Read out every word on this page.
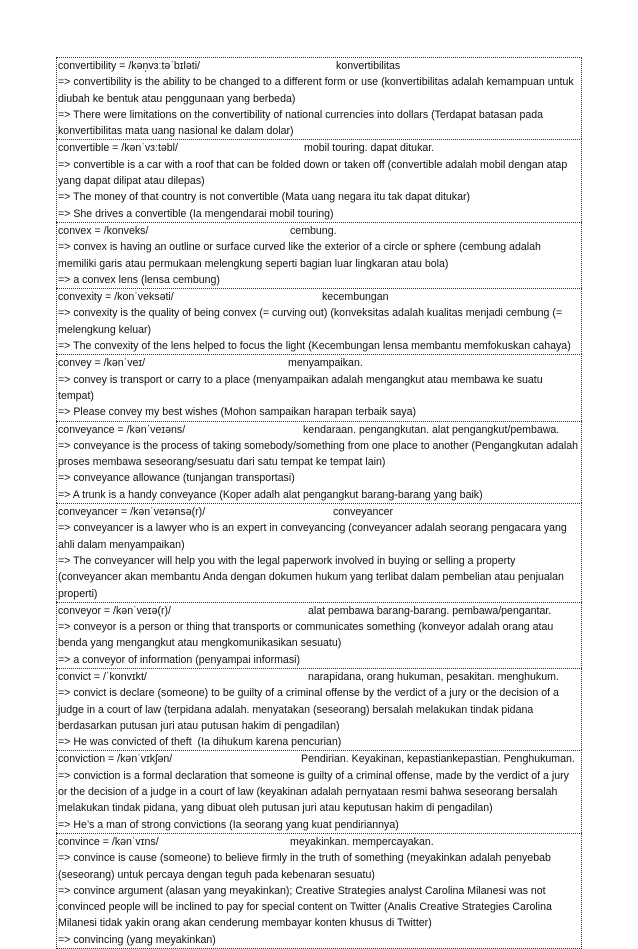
convertibility = /kən̩vɜːtəˈbɪləti/	konvertibilitas
=> convertibility is the ability to be changed to a different form or use (konvertibilitas adalah kemampuan untuk diubah ke bentuk atau penggunaan yang berbeda)
=> There were limitations on the convertibility of national currencies into dollars (Terdapat batasan pada konvertibilitas mata uang nasional ke dalam dolar)
convertible = /kənˈvɜːtəbl/	mobil touring. dapat ditukar.
=> convertible is a car with a roof that can be folded down or taken off (convertible adalah mobil dengan atap yang dapat dilipat atau dilepas)
=> The money of that country is not convertible (Mata uang negara itu tak dapat ditukar)
=> She drives a convertible (Ia mengendarai mobil touring)
convex = /konveks/	cembung.
=> convex is having an outline or surface curved like the exterior of a circle or sphere (cembung adalah memiliki garis atau permukaan melengkung seperti bagian luar lingkaran atau bola)
=> a convex lens (lensa cembung)
convexity = /konˈveksəti/	kecembungan
=> convexity is the quality of being convex (= curving out) (konveksitas adalah kualitas menjadi cembung (= melengkung keluar)
=> The convexity of the lens helped to focus the light (Kecembungan lensa membantu memfokuskan cahaya)
convey = /kənˈveɪ/	menyampaikan.
=> convey is transport or carry to a place (menyampaikan adalah mengangkut atau membawa ke suatu tempat)
=> Please convey my best wishes (Mohon sampaikan harapan terbaik saya)
conveyance = /kənˈveɪəns/	kendaraan. pengangkutan. alat pengangkut/pembawa.
=> conveyance is the process of taking somebody/something from one place to another (Pengangkutan adalah proses membawa seseorang/sesuatu dari satu tempat ke tempat lain)
=> conveyance allowance (tunjangan transportasi)
=> A trunk is a handy conveyance (Koper adalh alat pengangkut barang-barang yang baik)
conveyancer = /kənˈveɪənsə(r)/	conveyancer
=> conveyancer is a lawyer who is an expert in conveyancing (conveyancer adalah seorang pengacara yang ahli dalam menyampaikan)
=> The conveyancer will help you with the legal paperwork involved in buying or selling a property (conveyancer akan membantu Anda dengan dokumen hukum yang terlibat dalam pembelian atau penjualan properti)
conveyor = /kənˈveɪə(r)/	alat pembawa barang-barang. pembawa/pengantar.
=> conveyor is a person or thing that transports or communicates something (konveyor adalah orang atau benda yang mengangkut atau mengkomunikasikan sesuatu)
=> a conveyor of information (penyampai informasi)
convict = /ˈkonvɪkt/	narapidana, orang hukuman, pesakitan. menghukum.
=> convict is declare (someone) to be guilty of a criminal offense by the verdict of a jury or the decision of a judge in a court of law (terpidana adalah. menyatakan (seseorang) bersalah melakukan tindak pidana berdasarkan putusan juri atau putusan hakim di pengadilan)
=> He was convicted of theft  (Ia dihukum karena pencurian)
conviction = /kənˈvɪkʃən/	Pendirian. Keyakinan, kepastiankepastian. Penghukuman.
=> conviction is a formal declaration that someone is guilty of a criminal offense, made by the verdict of a jury or the decision of a judge in a court of law (keyakinan adalah pernyataan resmi bahwa seseorang bersalah melakukan tindak pidana, yang dibuat oleh putusan juri atau keputusan hakim di pengadilan)
=> He’s a man of strong convictions (Ia seorang yang kuat pendiriannya)
convince = /kənˈvɪns/	meyakinkan. mempercayakan.
=> convince is cause (someone) to believe firmly in the truth of something (meyakinkan adalah penyebab (seseorang) untuk percaya dengan teguh pada kebenaran sesuatu)
=> convince argument (alasan yang meyakinkan); Creative Strategies analyst Carolina Milanesi was not convinced people will be inclined to pay for special content on Twitter (Analis Creative Strategies Carolina Milanesi tidak yakin orang akan cenderung membayar konten khusus di Twitter)
=> convincing (yang meyakinkan)
